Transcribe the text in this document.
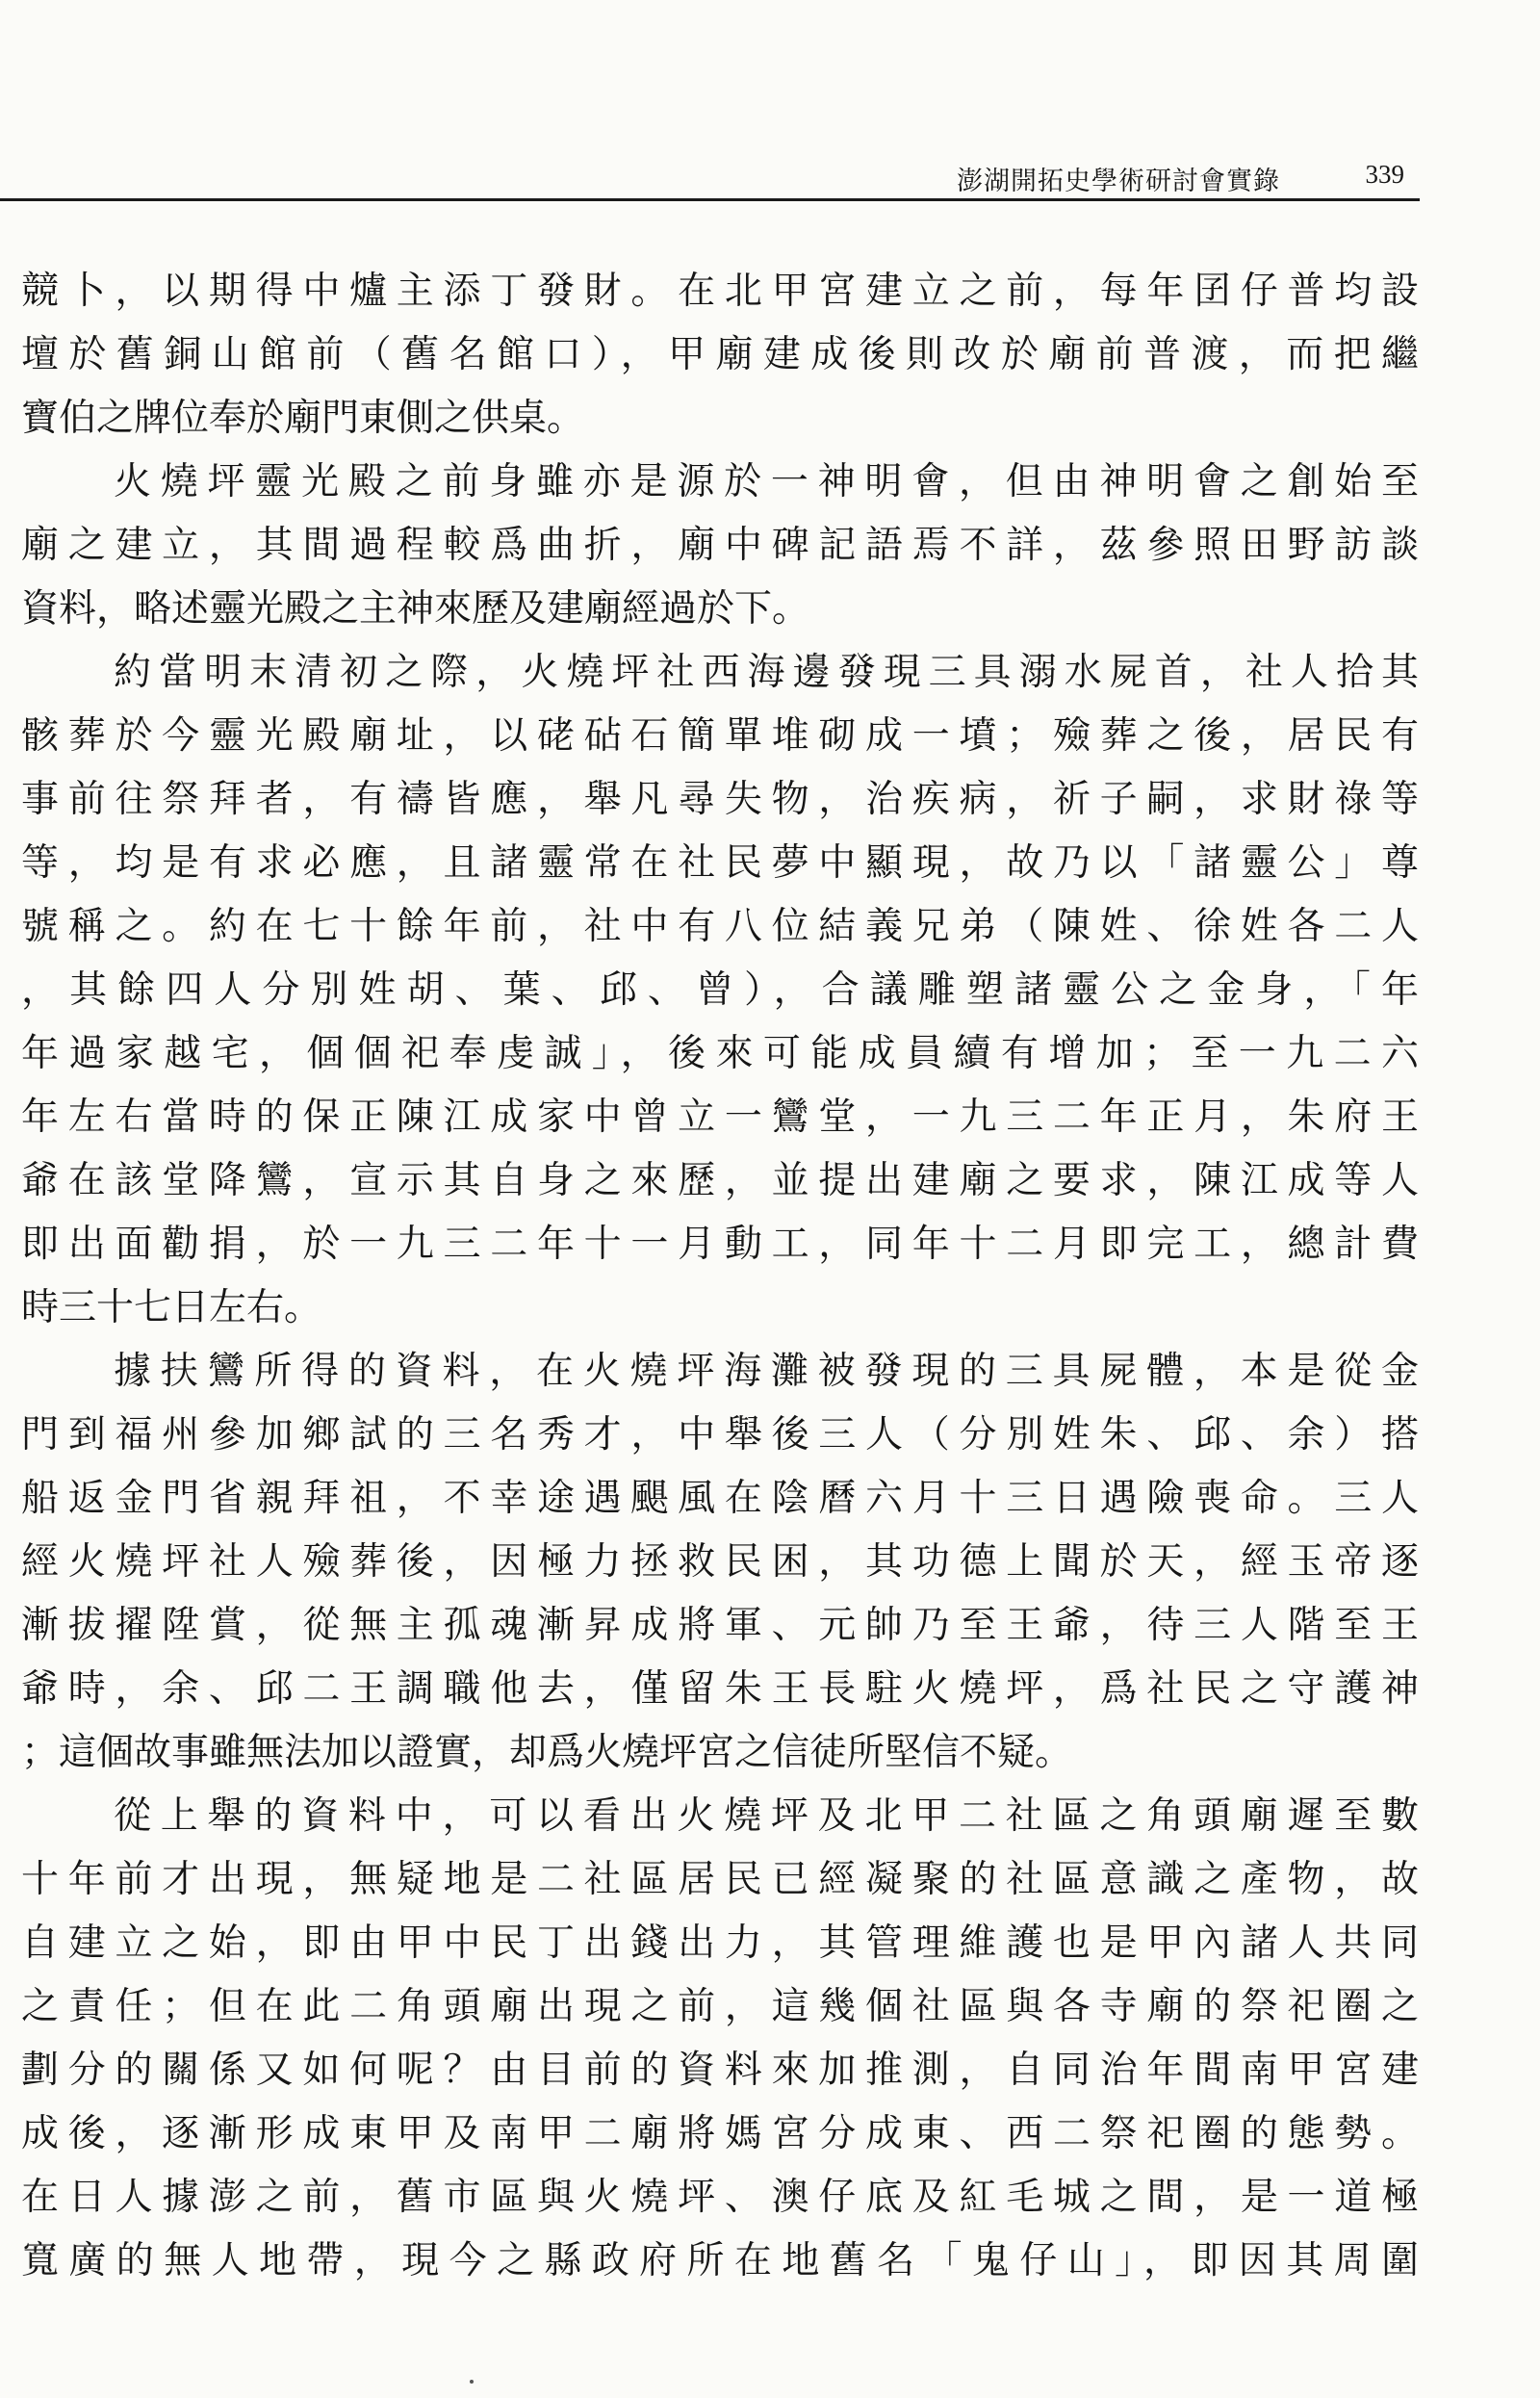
澎湖開拓史學術研討會實錄	339
競卜，以期得中爐主添丁發財。在北甲宮建立之前，每年囝仔普均設
壇於舊銅山館前（舊名館口），甲廟建成後則改於廟前普渡，而把繼
寶伯之牌位奉於廟門東側之供桌。
火燒坪靈光殿之前身雖亦是源於一神明會，但由神明會之創始至
廟之建立，其間過程較爲曲折，廟中碑記語焉不詳，茲參照田野訪談
資料，略述靈光殿之主神來歷及建廟經過於下。
約當明末清初之際，火燒坪社西海邊發現三具溺水屍首，社人拾其
骸葬於今靈光殿廟址，以硓砧石簡單堆砌成一墳；殮葬之後，居民有
事前往祭拜者，有禱皆應，舉凡尋失物，治疾病，祈子嗣，求財祿等
等，均是有求必應，且諸靈常在社民夢中顯現，故乃以「諸靈公」尊
號稱之。約在七十餘年前，社中有八位結義兄弟（陳姓、徐姓各二人
，其餘四人分別姓胡、葉、邱、曾），合議雕塑諸靈公之金身，「年
年過家越宅，個個祀奉虔誠」，後來可能成員續有增加；至一九二六
年左右當時的保正陳江成家中曾立一鸞堂，一九三二年正月，朱府王
爺在該堂降鸞，宣示其自身之來歷，並提出建廟之要求，陳江成等人
即出面勸捐，於一九三二年十一月動工，同年十二月即完工，總計費
時三十七日左右。
據扶鸞所得的資料，在火燒坪海灘被發現的三具屍體，本是從金
門到福州參加鄉試的三名秀才，中舉後三人（分別姓朱、邱、余）搭
船返金門省親拜祖，不幸途遇颶風在陰曆六月十三日遇險喪命。三人
經火燒坪社人殮葬後，因極力拯救民困，其功德上聞於天，經玉帝逐
漸拔擢陞賞，從無主孤魂漸昇成將軍、元帥乃至王爺，待三人階至王
爺時，余、邱二王調職他去，僅留朱王長駐火燒坪，爲社民之守護神
；這個故事雖無法加以證實，却爲火燒坪宮之信徒所堅信不疑。
從上舉的資料中，可以看出火燒坪及北甲二社區之角頭廟遲至數
十年前才出現，無疑地是二社區居民已經凝聚的社區意識之產物，故
自建立之始，即由甲中民丁出錢出力，其管理維護也是甲內諸人共同
之責任；但在此二角頭廟出現之前，這幾個社區與各寺廟的祭祀圈之
劃分的關係又如何呢？由目前的資料來加推測，自同治年間南甲宮建
成後，逐漸形成東甲及南甲二廟將媽宮分成東、西二祭祀圈的態勢。
在日人據澎之前，舊市區與火燒坪、澳仔底及紅毛城之間，是一道極
寬廣的無人地帶，現今之縣政府所在地舊名「鬼仔山」，即因其周圍
